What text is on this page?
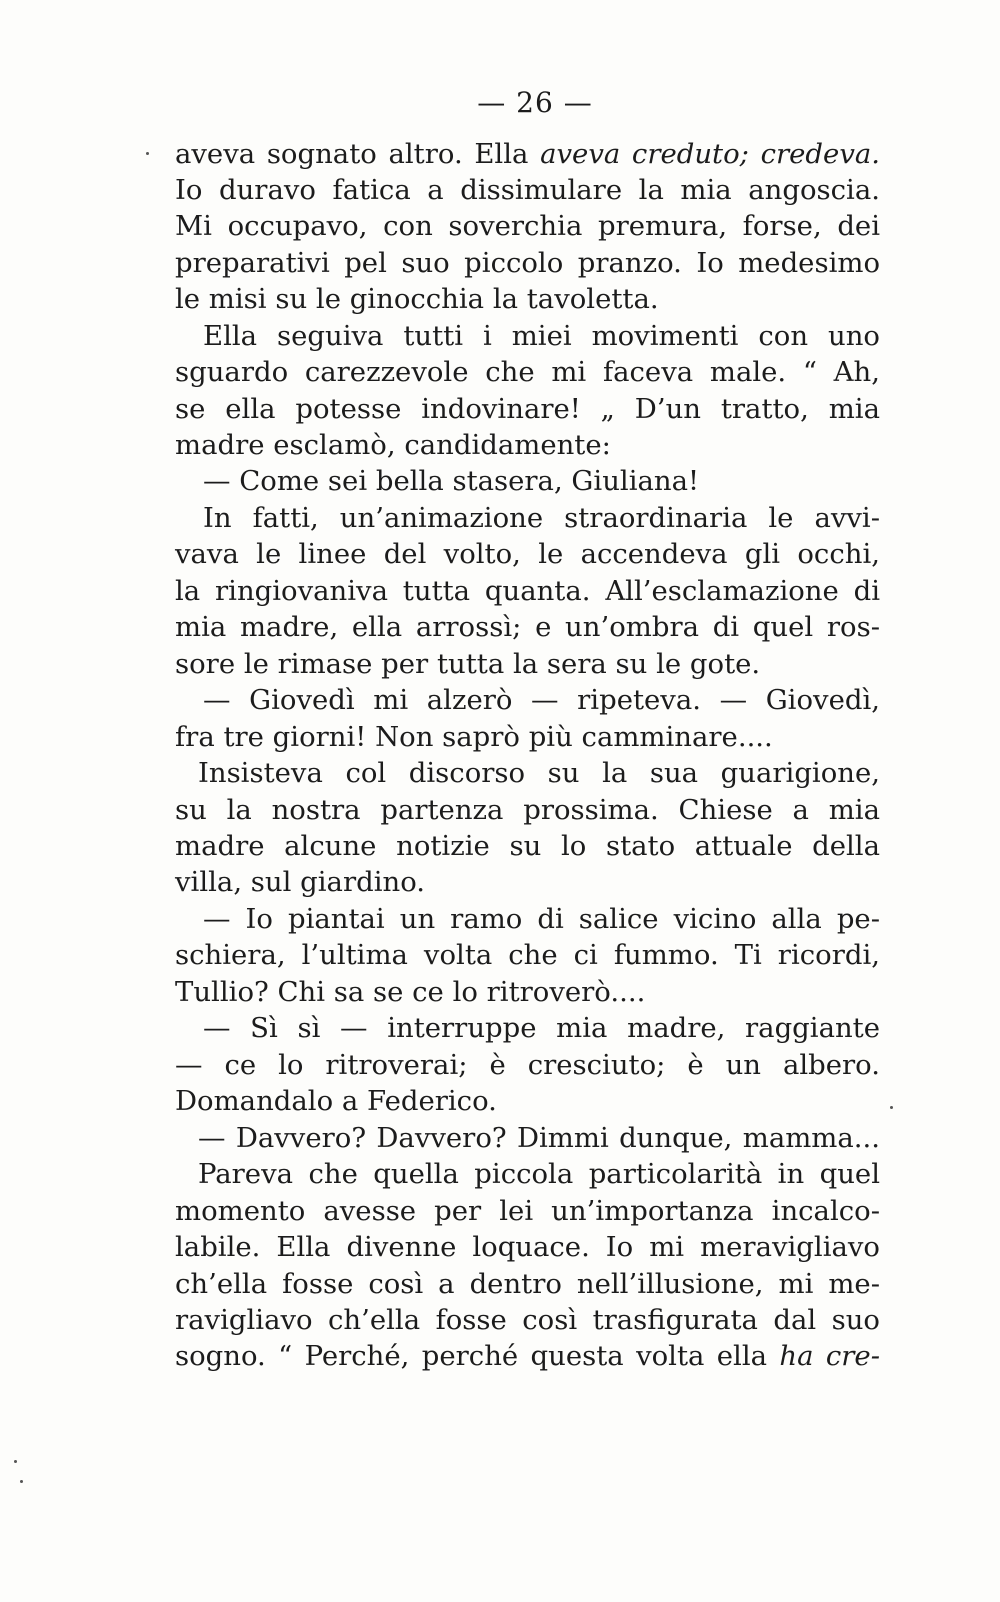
— 26 —
aveva sognato altro. Ella aveva creduto; credeva.
Io duravo fatica a dissimulare la mia angoscia.
Mi occupavo, con soverchia premura, forse, dei
preparativi pel suo piccolo pranzo. Io medesimo
le misi su le ginocchia la tavoletta.
Ella seguiva tutti i miei movimenti con uno
sguardo carezzevole che mi faceva male. “ Ah,
se ella potesse indovinare! „ D’un tratto, mia
madre esclamò, candidamente:
— Come sei bella stasera, Giuliana!
In fatti, un’animazione straordinaria le avvi-
vava le linee del volto, le accendeva gli occhi,
la ringiovaniva tutta quanta. All’esclamazione di
mia madre, ella arrossì; e un’ombra di quel ros-
sore le rimase per tutta la sera su le gote.
— Giovedì mi alzerò — ripeteva. — Giovedì,
fra tre giorni! Non saprò più camminare....
Insisteva col discorso su la sua guarigione,
su la nostra partenza prossima. Chiese a mia
madre alcune notizie su lo stato attuale della
villa, sul giardino.
— Io piantai un ramo di salice vicino alla pe-
schiera, l’ultima volta che ci fummo. Ti ricordi,
Tullio? Chi sa se ce lo ritroverò....
— Sì sì — interruppe mia madre, raggiante
— ce lo ritroverai; è cresciuto; è un albero.
Domandalo a Federico.
— Davvero? Davvero? Dimmi dunque, mamma...
Pareva che quella piccola particolarità in quel
momento avesse per lei un’importanza incalco-
labile. Ella divenne loquace. Io mi meravigliavo
ch’ella fosse così a dentro nell’illusione, mi me-
ravigliavo ch’ella fosse così trasfigurata dal suo
sogno. “ Perché, perché questa volta ella ha cre-
